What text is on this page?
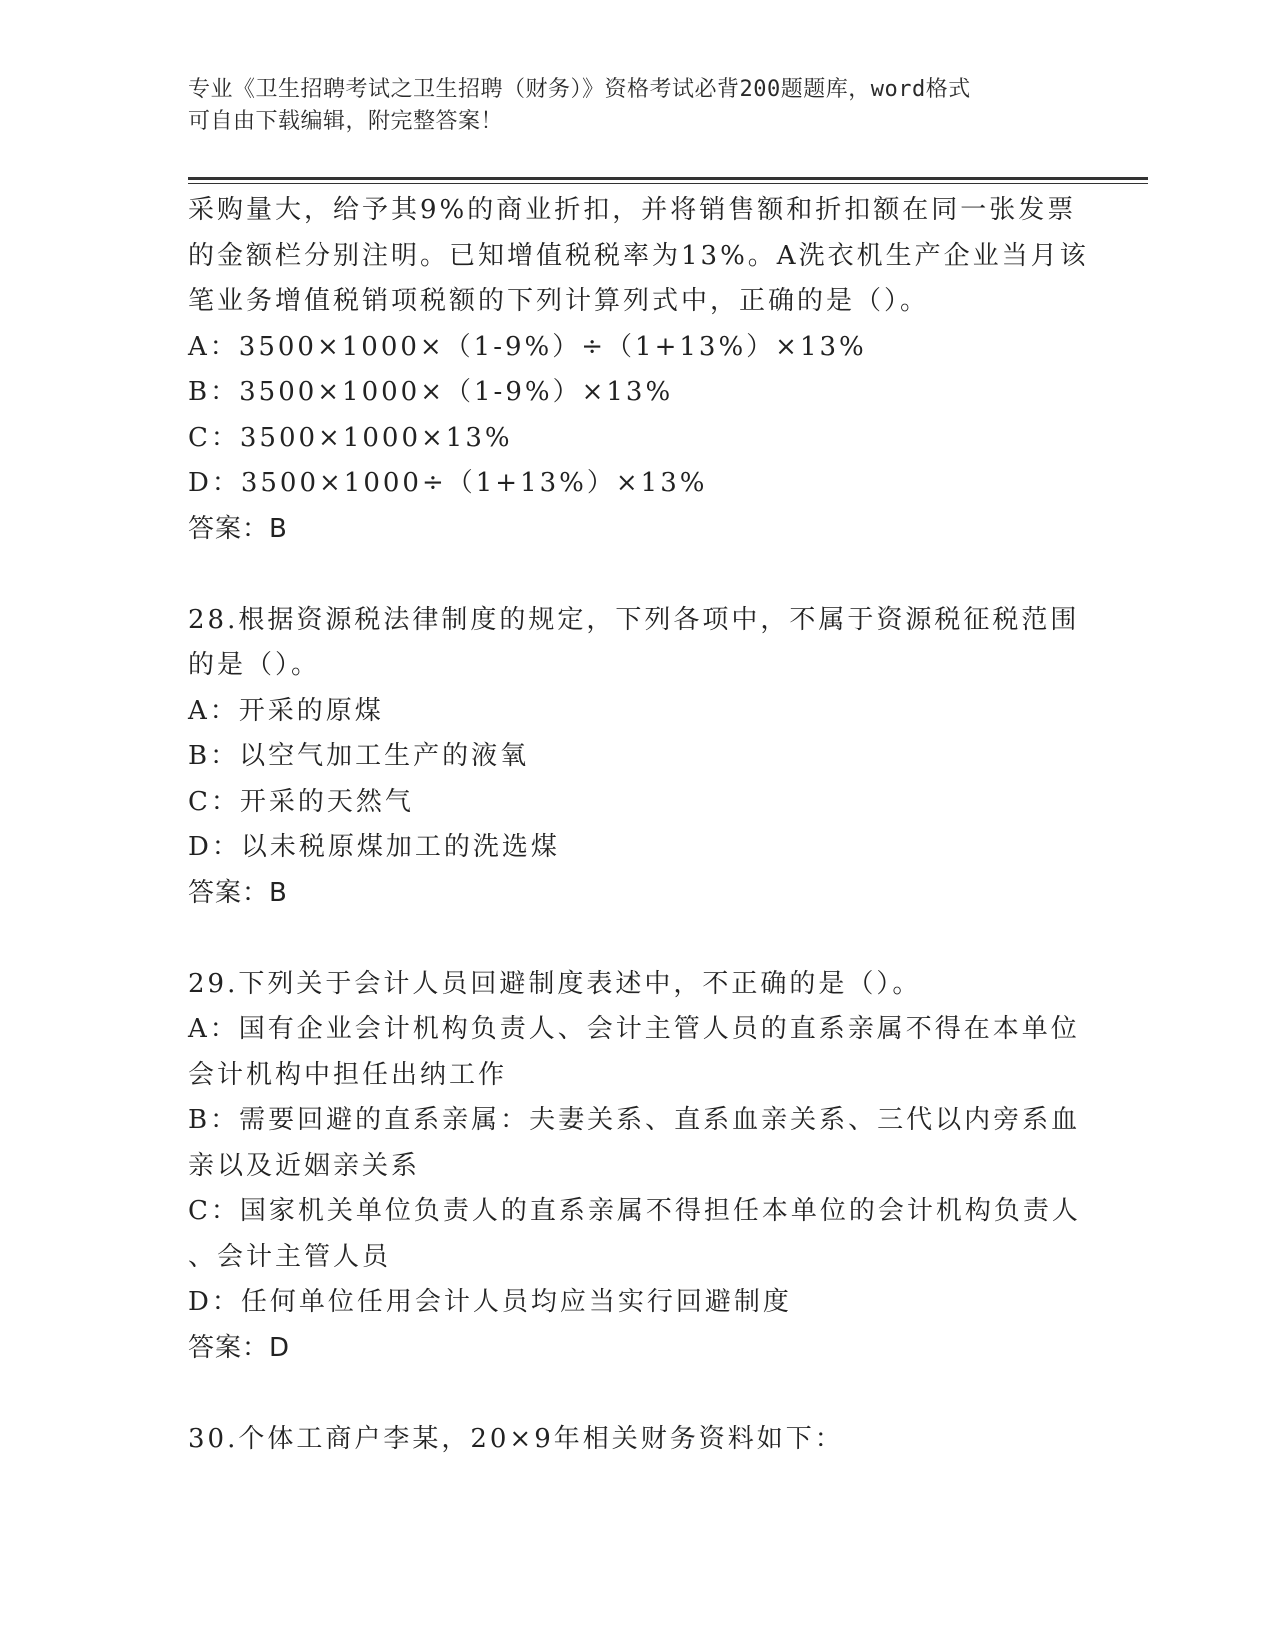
专业《卫生招聘考试之卫生招聘（财务）》资格考试必背200题题库，word格式
可自由下载编辑，附完整答案！
采购量大，给予其9%的商业折扣，并将销售额和折扣额在同一张发票
的金额栏分别注明。已知增值税税率为13%。A洗衣机生产企业当月该
笔业务增值税销项税额的下列计算列式中，正确的是（）。
A：3500×1000×（1-9%）÷（1+13%）×13%
B：3500×1000×（1-9%）×13%
C：3500×1000×13%
D：3500×1000÷（1+13%）×13%
答案：B
28.根据资源税法律制度的规定，下列各项中，不属于资源税征税范围
的是（）。
A：开采的原煤
B：以空气加工生产的液氧
C：开采的天然气
D：以未税原煤加工的洗选煤
答案：B
29.下列关于会计人员回避制度表述中，不正确的是（）。
A：国有企业会计机构负责人、会计主管人员的直系亲属不得在本单位
会计机构中担任出纳工作
B：需要回避的直系亲属：夫妻关系、直系血亲关系、三代以内旁系血
亲以及近姻亲关系
C：国家机关单位负责人的直系亲属不得担任本单位的会计机构负责人
、会计主管人员
D：任何单位任用会计人员均应当实行回避制度
答案：D
30.个体工商户李某，20×9年相关财务资料如下：
